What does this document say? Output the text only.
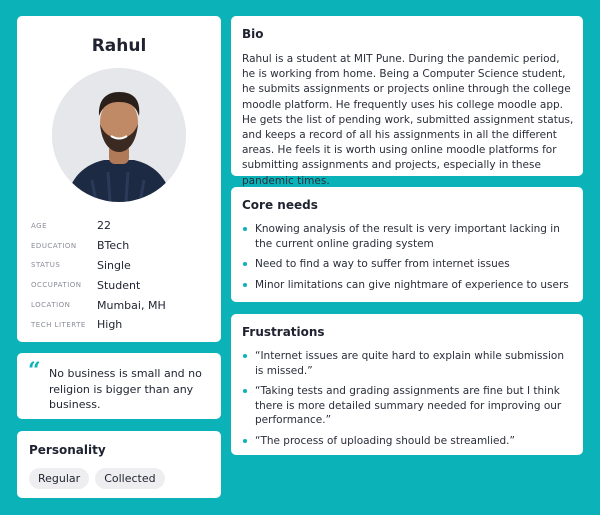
Rahul
AGE	22
EDUCATION	BTech
STATUS	Single
OCCUPATION	Student
LOCATION	Mumbai, MH
TECH LITERTE	High
“ No business is small and no religion is bigger than any business.
Personality
Regular	Collected
Bio
Rahul is a student at MIT Pune. During the pandemic period, he is working from home. Being a Computer Science student, he submits assignments or projects online through the college moodle platform. He frequently uses his college moodle app. He gets the list of pending work, submitted assignment status, and keeps a record of all his assignments in all the different areas. He feels it is worth using online moodle platforms for submitting assignments and projects, especially in these pandemic times.
Core needs
Knowing analysis of the result is very important lacking in the current online grading system
Need to find a way to suffer from internet issues
Minor limitations can give nightmare of experience to users
Frustrations
“Internet issues are quite hard to explain while submission is missed.”
“Taking tests and grading assignments are fine but I think there is more detailed summary needed for improving our performance.”
“The process of uploading should be streamlied.”
